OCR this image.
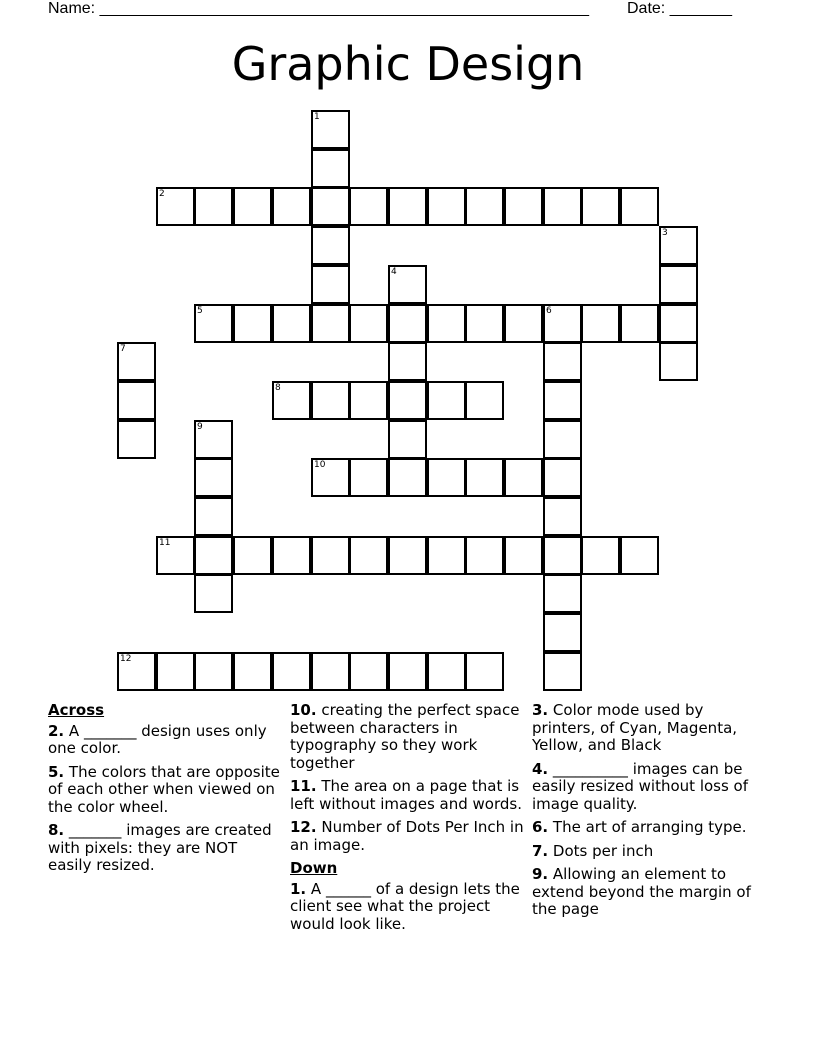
Name: _______________________________________________________ Date: _______
Graphic Design
1
2
3
4
5	6
7
8
9
10
11
12
Across
2. A _______ design uses only one color.
5. The colors that are opposite of each other when viewed on the color wheel.
8. _______ images are created with pixels: they are NOT easily resized.
10. creating the perfect space between characters in typography so they work together
11. The area on a page that is left without images and words.
12. Number of Dots Per Inch in an image.
Down
1. A ______ of a design lets the client see what the project would look like.
3. Color mode used by printers, of Cyan, Magenta, Yellow, and Black
4. __________ images can be easily resized without loss of image quality.
6. The art of arranging type.
7. Dots per inch
9. Allowing an element to extend beyond the margin of the page
